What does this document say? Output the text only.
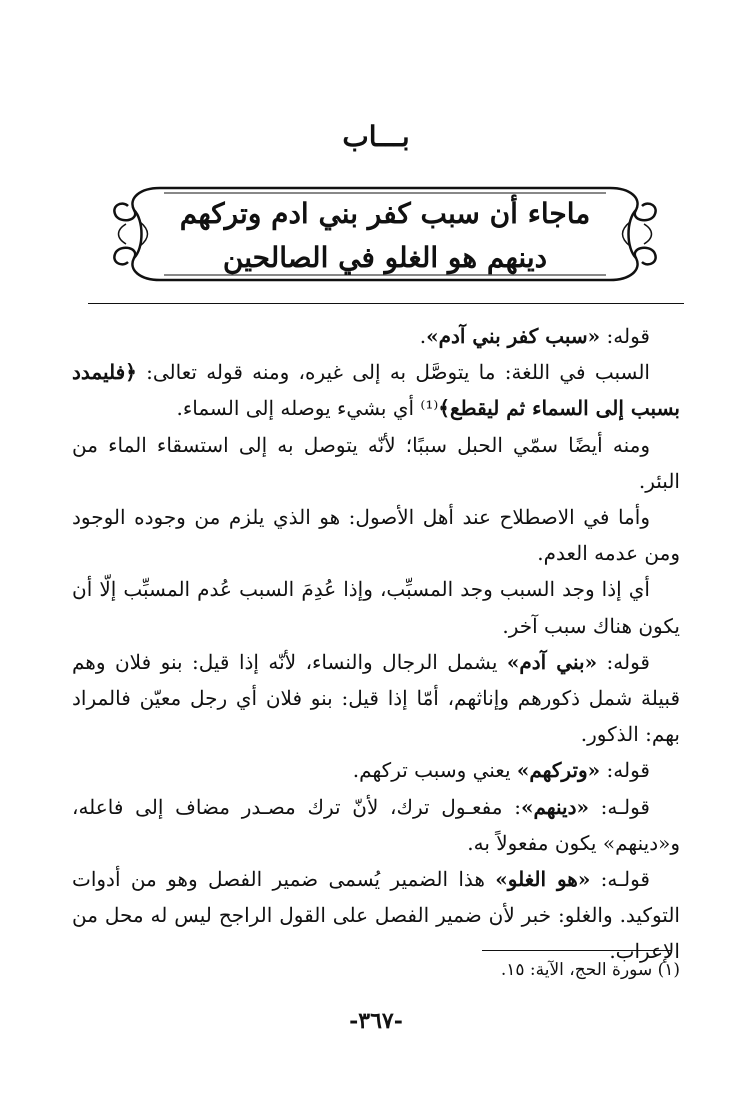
بـــاب
ماجاء أن سبب كفر بني ادم وتركهم
دينهم هو الغلو في الصالحين

قوله: «سبب كفر بني آدم».

السبب في اللغة: ما يتوصَّل به إلى غيره، ومنه قوله تعالى: ﴿فليمدد بسبب إلى السماء ثم ليقطع﴾⁽¹⁾ أي بشيء يوصله إلى السماء.

ومنه أيضًا سمّي الحبل سببًا؛ لأنّه يتوصل به إلى استسقاء الماء من البئر.

وأما في الاصطلاح عند أهل الأصول: هو الذي يلزم من وجوده الوجود ومن عدمه العدم.

أي إذا وجد السبب وجد المسبِّب، وإذا عُدِمَ السبب عُدم المسبِّب إلّا أن يكون هناك سبب آخر.

قوله: «بني آدم» يشمل الرجال والنساء، لأنّه إذا قيل: بنو فلان وهم قبيلة شمل ذكورهم وإناثهم، أمّا إذا قيل: بنو فلان أي رجل معيّن فالمراد بهم: الذكور.

قوله: «وتركهم» يعني وسبب تركهم.

قولـه: «دينهم»: مفعـول ترك، لأنّ ترك مصـدر مضاف إلى فاعله، و«دينهم» يكون مفعولاً به.

قولـه: «هو الغلو» هذا الضمير يُسمى ضمير الفصل وهو من أدوات التوكيد. والغلو: خبر لأن ضمير الفصل على القول الراجح ليس له محل من الإعراب.

(١) سورة الحج، الآية: ١٥.
-٣٦٧-
